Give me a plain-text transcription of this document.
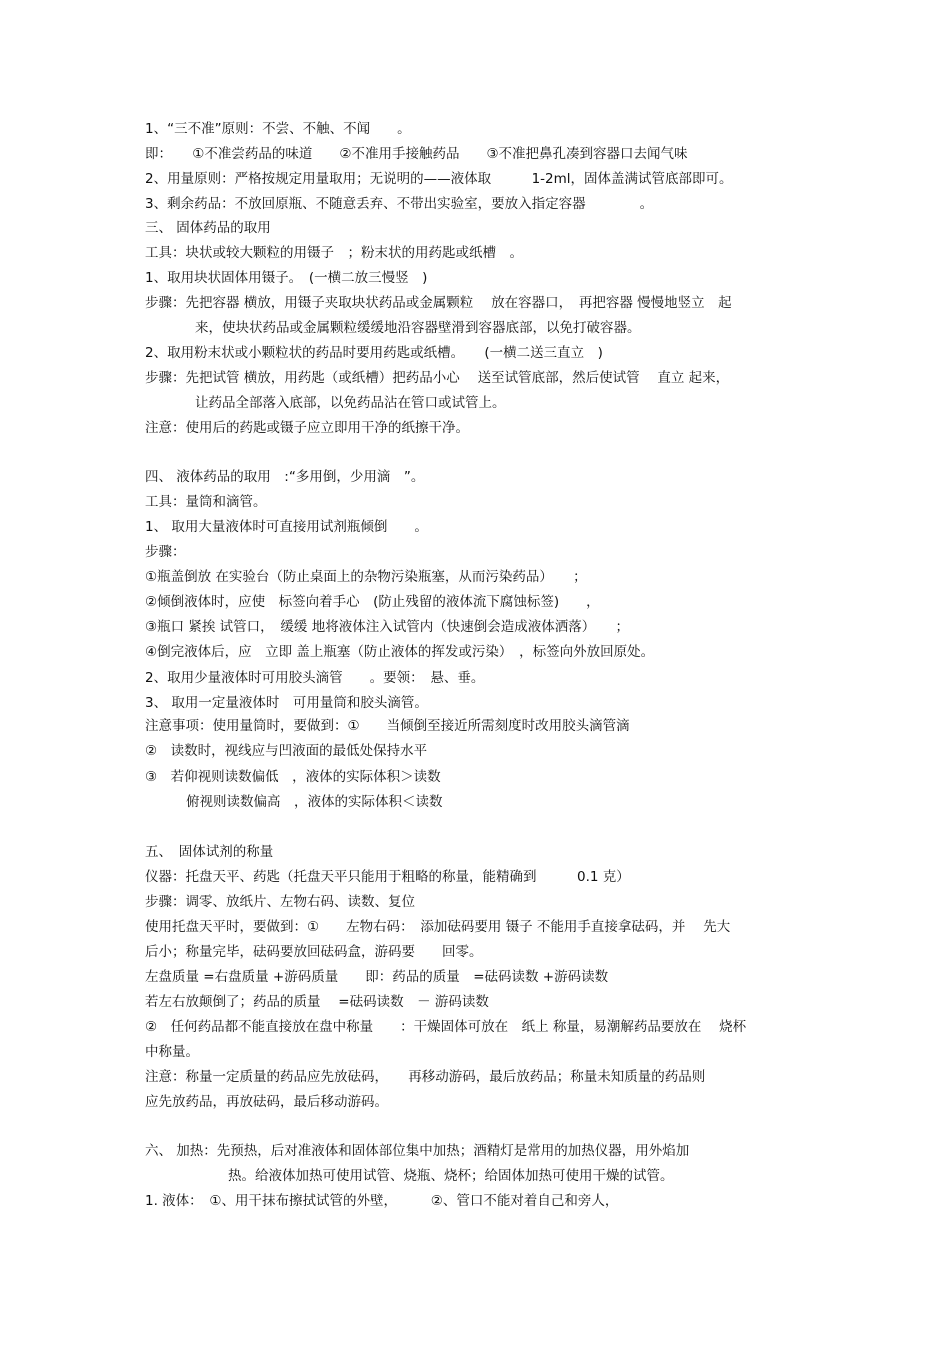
1、“三不准”原则：不尝、不触、不闻　　。
即：　　①不准尝药品的味道　　②不准用手接触药品　　③不准把鼻孔凑到容器口去闻气味
2、用量原则：严格按规定用量取用；无说明的——液体取　　　1-2ml，固体盖满试管底部即可。
3、剩余药品：不放回原瓶、不随意丢弃、不带出实验室，要放入指定容器　　　　。
三、 固体药品的取用
工具：块状或较大颗粒的用镊子　；粉末状的用药匙或纸槽　。
1、取用块状固体用镊子。　(一横二放三慢竖　)
步骤：先把容器 横放，用镊子夹取块状药品或金属颗粒　 放在容器口，　再把容器 慢慢地竖立　起
来，使块状药品或金属颗粒缓缓地沿容器壁滑到容器底部，以免打破容器。
2、取用粉末状或小颗粒状的药品时要用药匙或纸槽。　　(一横二送三直立　)
步骤：先把试管 横放，用药匙（或纸槽）把药品小心　 送至试管底部，然后使试管　 直立 起来，
让药品全部落入底部，以免药品沾在管口或试管上。
注意：使用后的药匙或镊子应立即用干净的纸擦干净。
四、 液体药品的取用　:“多用倒，少用滴　”。
工具：量筒和滴管。
1、 取用大量液体时可直接用试剂瓶倾倒　　。
步骤：
①瓶盖倒放 在实验台（防止桌面上的杂物污染瓶塞，从而污染药品）　　；
②倾倒液体时，应使　标签向着手心　(防止残留的液体流下腐蚀标签)　　，
③瓶口 紧挨 试管口，　缓缓 地将液体注入试管内（快速倒会造成液体洒落）　　；
④倒完液体后，应　立即 盖上瓶塞（防止液体的挥发或污染）　，标签向外放回原处。
2、取用少量液体时可用胶头滴管　　。要领：　悬、垂。
3、 取用一定量液体时　可用量筒和胶头滴管。
注意事项：使用量筒时，要做到：①　　当倾倒至接近所需刻度时改用胶头滴管滴
②　读数时，视线应与凹液面的最低处保持水平
③　若仰视则读数偏低　，液体的实际体积＞读数
俯视则读数偏高　，液体的实际体积＜读数
五、　固体试剂的称量
仪器：托盘天平、药匙（托盘天平只能用于粗略的称量，能精确到　　　0.1 克）
步骤：调零、放纸片、左物右码、读数、复位
使用托盘天平时，要做到：①　　左物右码：　添加砝码要用 镊子 不能用手直接拿砝码，并　 先大
后小；称量完毕，砝码要放回砝码盒，游码要　　回零。
左盘质量 =右盘质量 +游码质量　　即：药品的质量　=砝码读数 +游码读数
若左右放颠倒了；药品的质量　 =砝码读数　－ 游码读数
②　任何药品都不能直接放在盘中称量　　：干燥固体可放在　纸上 称量，易潮解药品要放在　 烧杯
中称量。
注意：称量一定质量的药品应先放砝码，　　再移动游码，最后放药品；称量未知质量的药品则
应先放药品，再放砝码，最后移动游码。
六、 加热：先预热，后对准液体和固体部位集中加热；酒精灯是常用的加热仪器，用外焰加
热。给液体加热可使用试管、烧瓶、烧杯；给固体加热可使用干燥的试管。
1. 液体：　①、用干抹布擦拭试管的外壁，　　　②、管口不能对着自己和旁人，
